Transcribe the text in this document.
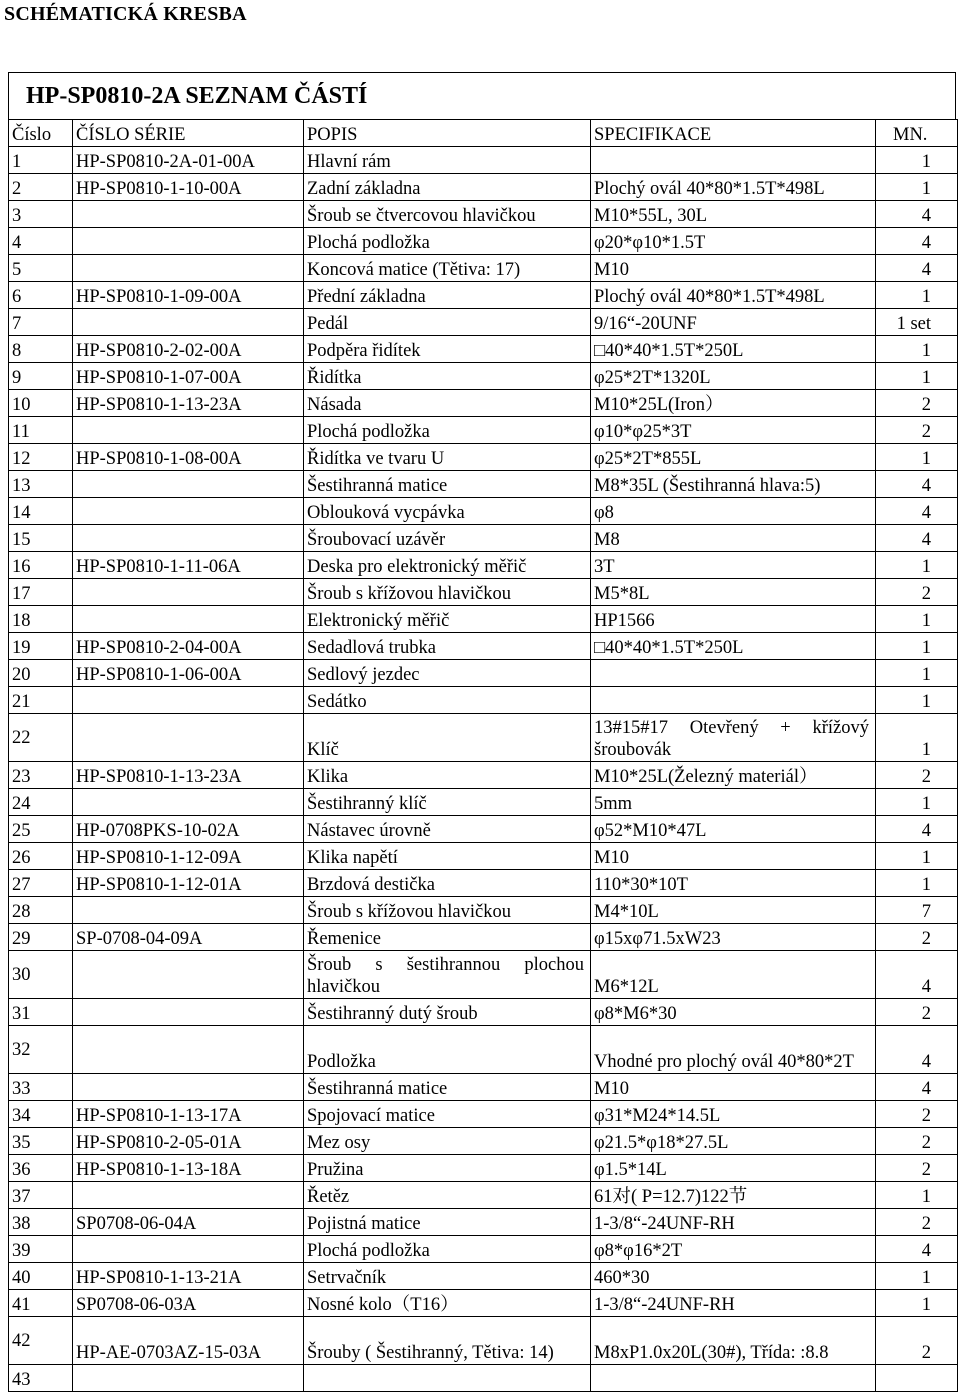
SCHÉMATICKÁ KRESBA
HP-SP0810-2A SEZNAM ČÁSTÍ
Číslo	ČÍSLO SÉRIE	POPIS	SPECIFIKACE	MN.
1	HP-SP0810-2A-01-00A	Hlavní rám		1
2	HP-SP0810-1-10-00A	Zadní základna	Plochý ovál 40*80*1.5T*498L	1
3		Šroub se čtvercovou hlavičkou	M10*55L, 30L	4
4		Plochá podložka	φ20*φ10*1.5T	4
5		Koncová matice (Tětiva: 17)	M10	4
6	HP-SP0810-1-09-00A	Přední základna	Plochý ovál 40*80*1.5T*498L	1
7		Pedál	9/16“-20UNF	1 set
8	HP-SP0810-2-02-00A	Podpěra řidítek	□40*40*1.5T*250L	1
9	HP-SP0810-1-07-00A	Řidítka	φ25*2T*1320L	1
10	HP-SP0810-1-13-23A	Násada	M10*25L(Iron）	2
11		Plochá podložka	φ10*φ25*3T	2
12	HP-SP0810-1-08-00A	Řidítka ve tvaru U	φ25*2T*855L	1
13		Šestihranná matice	M8*35L (Šestihranná hlava:5)	4
14		Oblouková vycpávka	φ8	4
15		Šroubovací uzávěr	M8	4
16	HP-SP0810-1-11-06A	Deska pro elektronický měřič	3T	1
17		Šroub s křížovou hlavičkou	M5*8L	2
18		Elektronický měřič	HP1566	1
19	HP-SP0810-2-04-00A	Sedadlová trubka	□40*40*1.5T*250L	1
20	HP-SP0810-1-06-00A	Sedlový jezdec		1
21		Sedátko		1
22		Klíč	13#15#17 Otevřený + křížový šroubovák	1
23	HP-SP0810-1-13-23A	Klika	M10*25L(Železný materiál）	2
24		Šestihranný klíč	5mm	1
25	HP-0708PKS-10-02A	Nástavec úrovně	φ52*M10*47L	4
26	HP-SP0810-1-12-09A	Klika napětí	M10	1
27	HP-SP0810-1-12-01A	Brzdová destička	110*30*10T	1
28		Šroub s křížovou hlavičkou	M4*10L	7
29	SP-0708-04-09A	Řemenice	φ15xφ71.5xW23	2
30		Šroub s šestihrannou plochou hlavičkou	M6*12L	4
31		Šestihranný dutý šroub	φ8*M6*30	2
32		Podložka	Vhodné pro plochý ovál 40*80*2T	4
33		Šestihranná matice	M10	4
34	HP-SP0810-1-13-17A	Spojovací matice	φ31*M24*14.5L	2
35	HP-SP0810-2-05-01A	Mez osy	φ21.5*φ18*27.5L	2
36	HP-SP0810-1-13-18A	Pružina	φ1.5*14L	2
37		Řetěz	61对( P=12.7)122节	1
38	SP0708-06-04A	Pojistná matice	1-3/8“-24UNF-RH	2
39		Plochá podložka	φ8*φ16*2T	4
40	HP-SP0810-1-13-21A	Setrvačník	460*30	1
41	SP0708-06-03A	Nosné kolo（T16）	1-3/8“-24UNF-RH	1
42	HP-AE-0703AZ-15-03A	Šrouby ( Šestihranný, Tětiva: 14)	M8xP1.0x20L(30#), Třída: :8.8	2
43				
